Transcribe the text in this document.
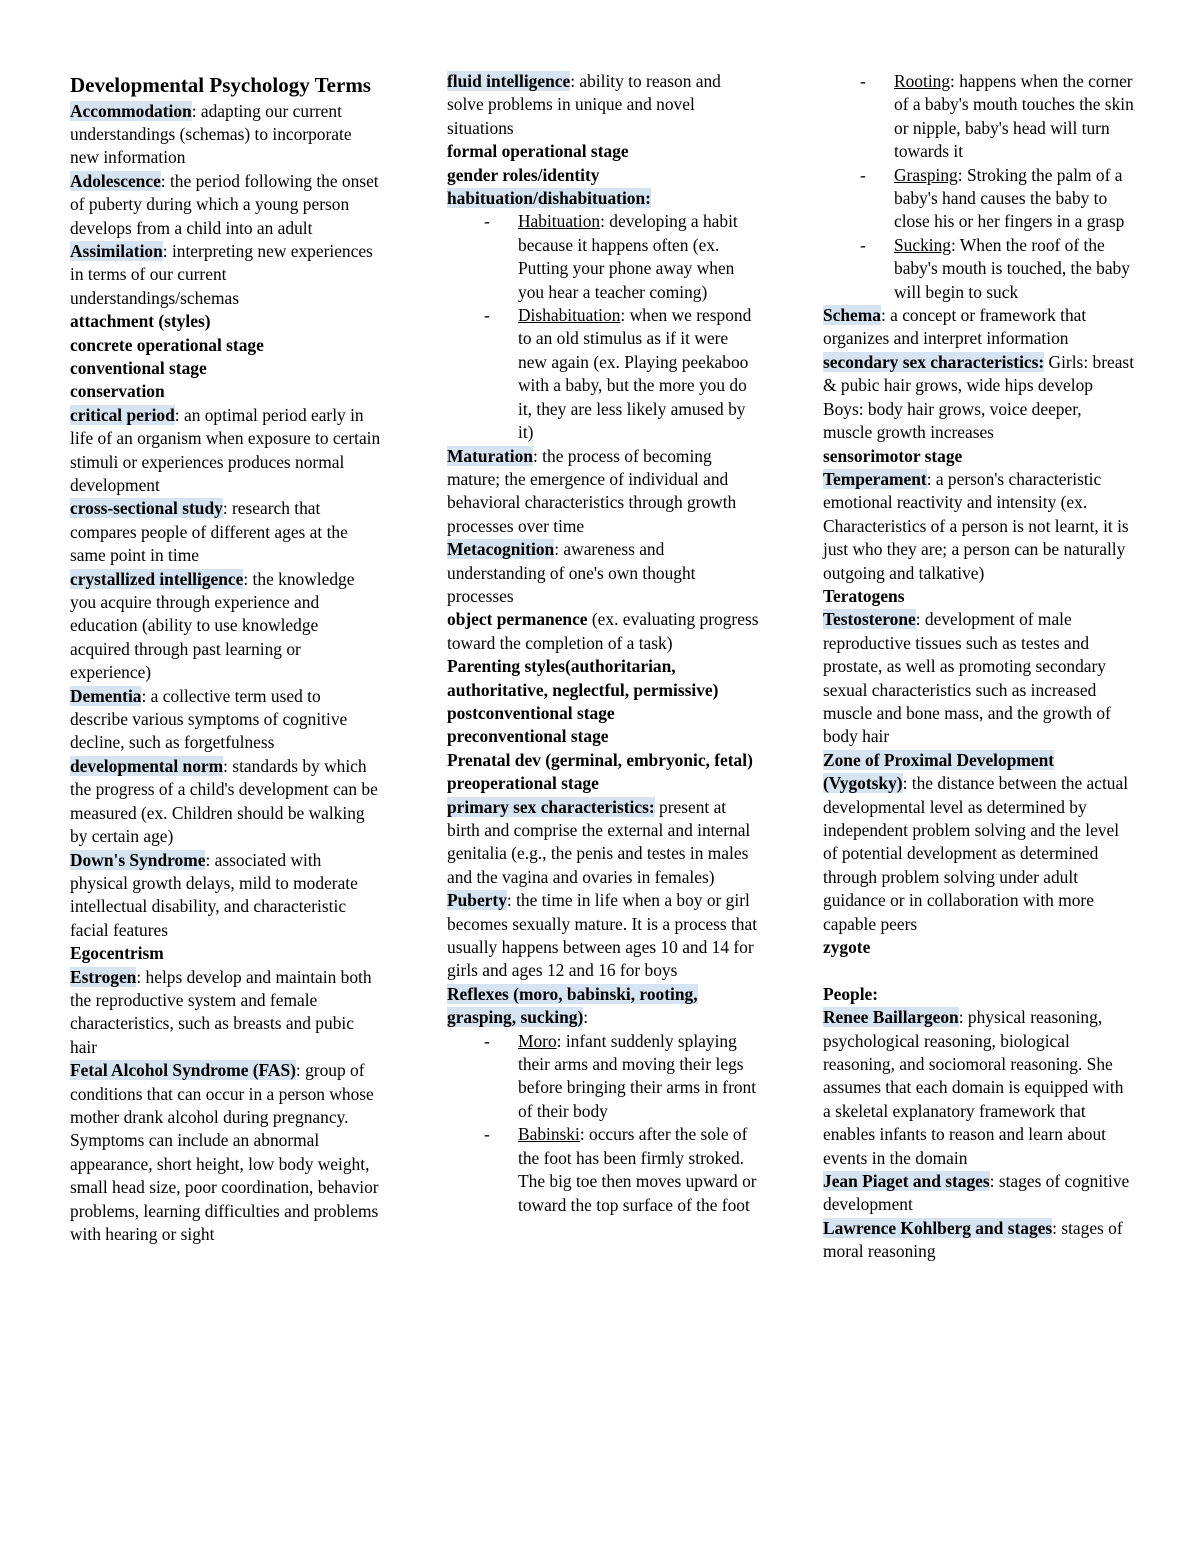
Developmental Psychology Terms
Accommodation: adapting our current understandings (schemas) to incorporate new information
Adolescence: the period following the onset of puberty during which a young person develops from a child into an adult
Assimilation: interpreting new experiences in terms of our current understandings/schemas
attachment (styles)
concrete operational stage
conventional stage
conservation
critical period: an optimal period early in life of an organism when exposure to certain stimuli or experiences produces normal development
cross-sectional study: research that compares people of different ages at the same point in time
crystallized intelligence: the knowledge you acquire through experience and education (ability to use knowledge acquired through past learning or experience)
Dementia: a collective term used to describe various symptoms of cognitive decline, such as forgetfulness
developmental norm: standards by which the progress of a child's development can be measured (ex. Children should be walking by certain age)
Down's Syndrome: associated with physical growth delays, mild to moderate intellectual disability, and characteristic facial features
Egocentrism
Estrogen: helps develop and maintain both the reproductive system and female characteristics, such as breasts and pubic hair
Fetal Alcohol Syndrome (FAS): group of conditions that can occur in a person whose mother drank alcohol during pregnancy. Symptoms can include an abnormal appearance, short height, low body weight, small head size, poor coordination, behavior problems, learning difficulties and problems with hearing or sight
fluid intelligence: ability to reason and solve problems in unique and novel situations
formal operational stage
gender roles/identity
habituation/dishabituation:
- Habituation: developing a habit because it happens often (ex. Putting your phone away when you hear a teacher coming)
- Dishabituation: when we respond to an old stimulus as if it were new again (ex. Playing peekaboo with a baby, but the more you do it, they are less likely amused by it)
Maturation: the process of becoming mature; the emergence of individual and behavioral characteristics through growth processes over time
Metacognition: awareness and understanding of one's own thought processes
object permanence (ex. evaluating progress toward the completion of a task)
Parenting styles(authoritarian, authoritative, neglectful, permissive)
postconventional stage
preconventional stage
Prenatal dev (germinal, embryonic, fetal)
preoperational stage
primary sex characteristics: present at birth and comprise the external and internal genitalia (e.g., the penis and testes in males and the vagina and ovaries in females)
Puberty: the time in life when a boy or girl becomes sexually mature. It is a process that usually happens between ages 10 and 14 for girls and ages 12 and 16 for boys
Reflexes (moro, babinski, rooting, grasping, sucking):
- Moro: infant suddenly splaying their arms and moving their legs before bringing their arms in front of their body
- Babinski: occurs after the sole of the foot has been firmly stroked. The big toe then moves upward or toward the top surface of the foot
- Rooting: happens when the corner of a baby's mouth touches the skin or nipple, baby's head will turn towards it
- Grasping: Stroking the palm of a baby's hand causes the baby to close his or her fingers in a grasp
- Sucking: When the roof of the baby's mouth is touched, the baby will begin to suck
Schema: a concept or framework that organizes and interpret information
secondary sex characteristics: Girls: breast & pubic hair grows, wide hips develop
Boys: body hair grows, voice deeper, muscle growth increases
sensorimotor stage
Temperament: a person's characteristic emotional reactivity and intensity (ex. Characteristics of a person is not learnt, it is just who they are; a person can be naturally outgoing and talkative)
Teratogens
Testosterone: development of male reproductive tissues such as testes and prostate, as well as promoting secondary sexual characteristics such as increased muscle and bone mass, and the growth of body hair
Zone of Proximal Development (Vygotsky): the distance between the actual developmental level as determined by independent problem solving and the level of potential development as determined through problem solving under adult guidance or in collaboration with more capable peers
zygote
People:
Renee Baillargeon: physical reasoning, psychological reasoning, biological reasoning, and sociomoral reasoning. She assumes that each domain is equipped with a skeletal explanatory framework that enables infants to reason and learn about events in the domain
Jean Piaget and stages: stages of cognitive development
Lawrence Kohlberg and stages: stages of moral reasoning
